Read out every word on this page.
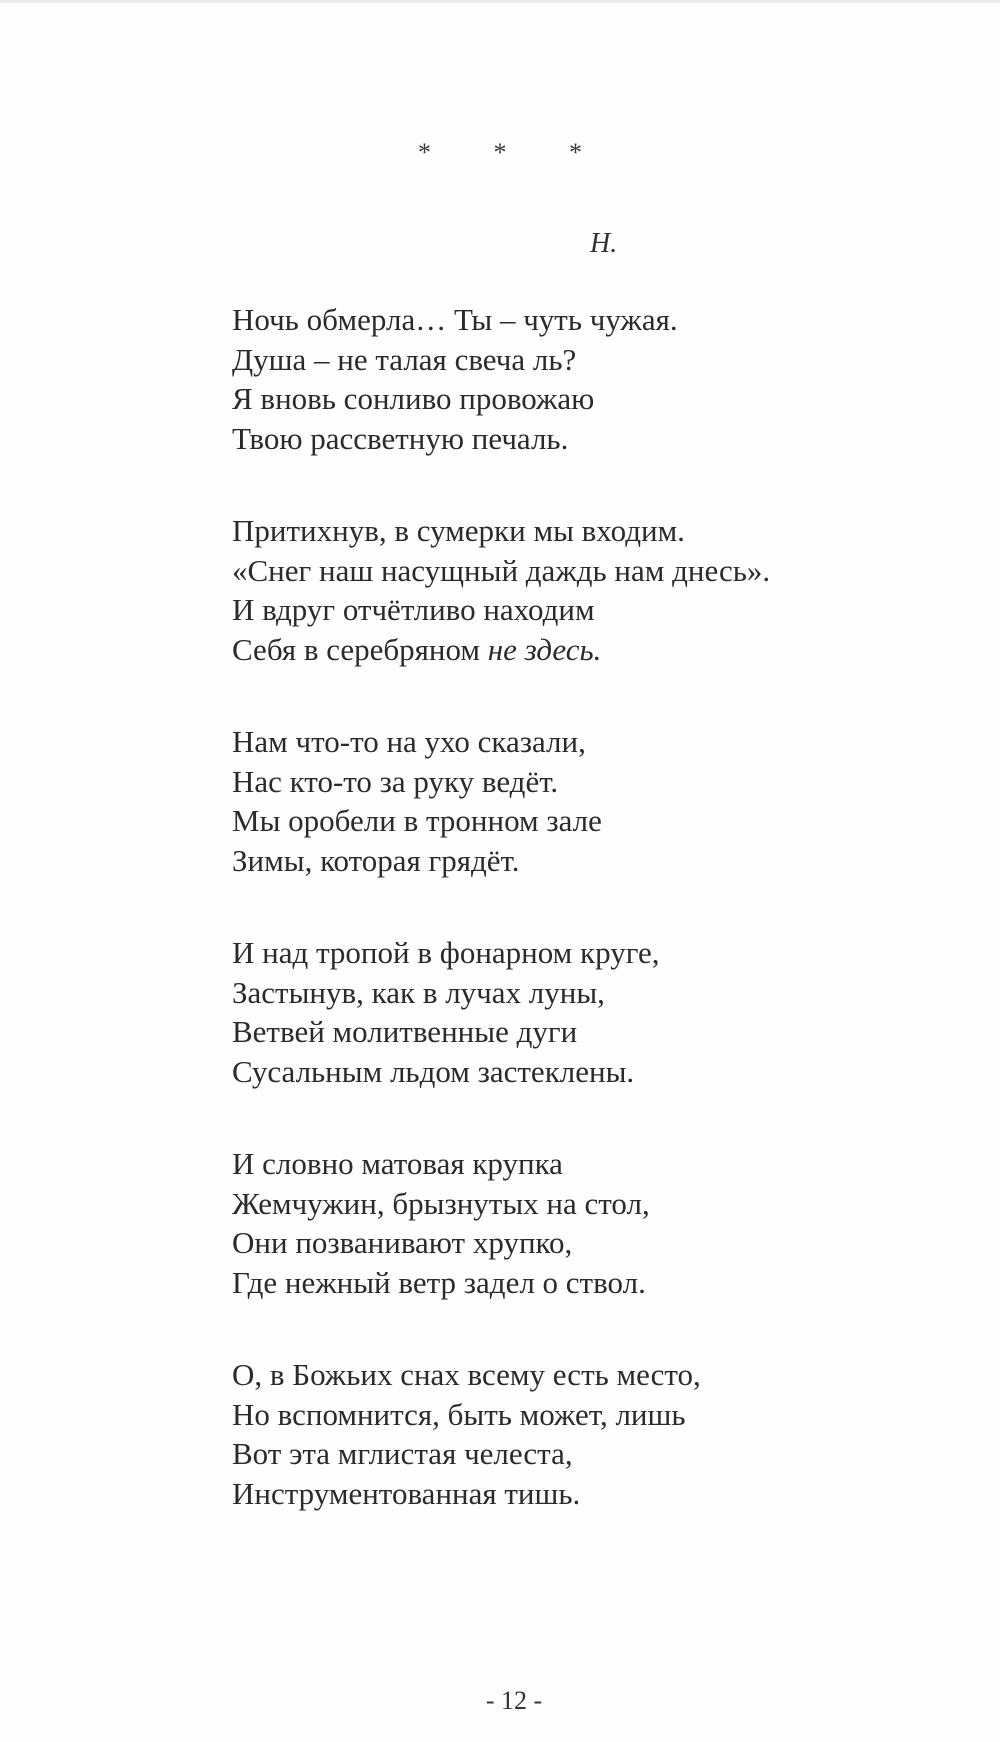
* * *
Н.
Ночь обмерла… Ты – чуть чужая.
Душа – не талая свеча ль?
Я вновь сонливо провожаю
Твою рассветную печаль.
Притихнув, в сумерки мы входим.
«Снег наш насущный даждь нам днесь».
И вдруг отчётливо находим
Себя в серебряном не здесь.
Нам что-то на ухо сказали,
Нас кто-то за руку ведёт.
Мы оробели в тронном зале
Зимы, которая грядёт.
И над тропой в фонарном круге,
Застынув, как в лучах луны,
Ветвей молитвенные дуги
Сусальным льдом застеклены.
И словно матовая крупка
Жемчужин, брызнутых на стол,
Они позванивают хрупко,
Где нежный ветр задел о ствол.
О, в Божьих снах всему есть место,
Но вспомнится, быть может, лишь
Вот эта мглистая челеста,
Инструментованная тишь.
- 12 -
